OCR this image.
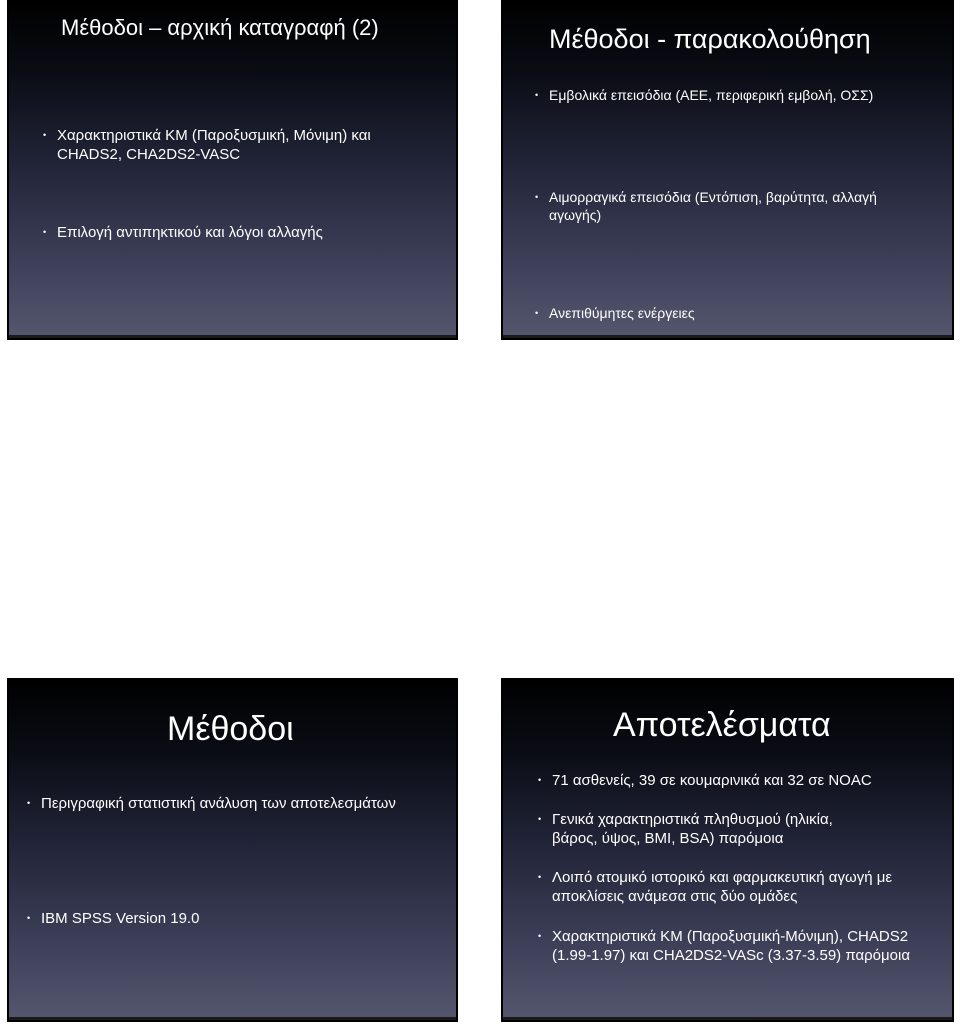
Μέθοδοι – αρχική καταγραφή (2)
• Χαρακτηριστικά ΚΜ (Παροξυσμική, Μόνιμη) και CHADS2, CHA2DS2-VASC
• Επιλογή αντιπηκτικού και λόγοι αλλαγής
Μέθοδοι - παρακολούθηση
• Εμβολικά επεισόδια (ΑΕΕ, περιφερική εμβολή, ΟΣΣ)
• Αιμορραγικά επεισόδια (Εντόπιση, βαρύτητα, αλλαγή αγωγής)
• Ανεπιθύμητες ενέργειες
Μέθοδοι
• Περιγραφική στατιστική ανάλυση των αποτελεσμάτων
• IBM SPSS Version 19.0
Αποτελέσματα
• 71 ασθενείς, 39 σε κουμαρινικά και 32 σε NOAC
• Γενικά χαρακτηριστικά πληθυσμού (ηλικία, βάρος, ύψος, BMI, BSA) παρόμοια
• Λοιπό ατομικό ιστορικό και φαρμακευτική αγωγή με αποκλίσεις ανάμεσα στις δύο ομάδες
• Χαρακτηριστικά ΚΜ (Παροξυσμική-Μόνιμη), CHADS2 (1.99-1.97) και CHA2DS2-VASc (3.37-3.59) παρόμοια
